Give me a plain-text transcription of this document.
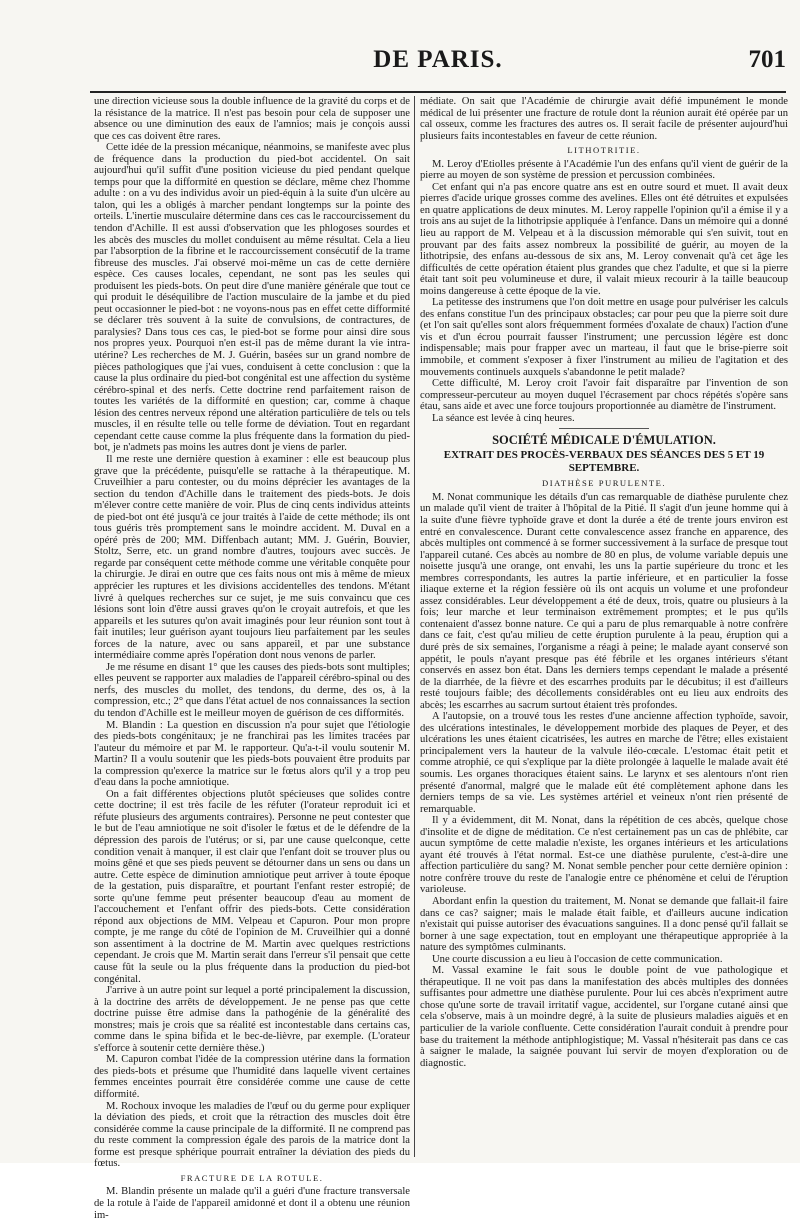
DE PARIS.	701

une direction vicieuse sous la double influence de la gravité du corps et de la résistance de la matrice. Il n'est pas besoin pour cela de supposer une absence ou une diminution des eaux de l'amnios; mais je conçois aussi que ces cas doivent être rares.

Cette idée de la pression mécanique, néanmoins, se manifeste avec plus de fréquence dans la production du pied-bot accidentel. On sait aujourd'hui qu'il suffit d'une position vicieuse du pied pendant quelque temps pour que la difformité en question se déclare, même chez l'homme adulte : on a vu des individus avoir un pied-équin à la suite d'un ulcère au talon, qui les a obligés à marcher pendant longtemps sur la pointe des orteils. L'inertie musculaire détermine dans ces cas le raccourcissement du tendon d'Achille. Il est aussi d'observation que les phlogoses sourdes et les abcès des muscles du mollet conduisent au même résultat. Cela a lieu par l'absorption de la fibrine et le raccourcissement consécutif de la trame fibreuse des muscles. J'ai observé moi-même un cas de cette dernière espèce. Ces causes locales, cependant, ne sont pas les seules qui produisent les pieds-bots. On peut dire d'une manière générale que tout ce qui produit le déséquilibre de l'action musculaire de la jambe et du pied peut occasionner le pied-bot : ne voyons-nous pas en effet cette difformité se déclarer très souvent à la suite de convulsions, de contractures, de paralysies? Dans tous ces cas, le pied-bot se forme pour ainsi dire sous nos propres yeux. Pourquoi n'en est-il pas de même durant la vie intra-utérine? Les recherches de M. J. Guérin, basées sur un grand nombre de pièces pathologiques que j'ai vues, conduisent à cette conclusion : que la cause la plus ordinaire du pied-bot congénital est une affection du système cérébro-spinal et des nerfs. Cette doctrine rend parfaitement raison de toutes les variétés de la difformité en question; car, comme à chaque lésion des centres nerveux répond une altération particulière de tels ou tels muscles, il en résulte telle ou telle forme de déviation. Tout en regardant cependant cette cause comme la plus fréquente dans la formation du pied-bot, je n'admets pas moins les autres dont je viens de parler.

Il me reste une dernière question à examiner : elle est beaucoup plus grave que la précédente, puisqu'elle se rattache à la thérapeutique. M. Cruveilhier a paru contester, ou du moins déprécier les avantages de la section du tendon d'Achille dans le traitement des pieds-bots. Je dois m'élever contre cette manière de voir. Plus de cinq cents individus atteints de pied-bot ont été jusqu'à ce jour traités à l'aide de cette méthode; ils ont tous guéris très promptement sans le moindre accident. M. Duval en a opéré près de 200; MM. Diffenbach autant; MM. J. Guérin, Bouvier, Stoltz, Serre, etc. un grand nombre d'autres, toujours avec succès. Je regarde par conséquent cette méthode comme une véritable conquête pour la chirurgie. Je dirai en outre que ces faits nous ont mis à même de mieux apprécier les ruptures et les divisions accidentelles des tendons. M'étant livré à quelques recherches sur ce sujet, je me suis convaincu que ces lésions sont loin d'être aussi graves qu'on le croyait autrefois, et que les appareils et les sutures qu'on avait imaginés pour leur réunion sont tout à fait inutiles; leur guérison ayant toujours lieu parfaitement par les seules forces de la nature, avec ou sans appareil, et par une substance intermédiaire comme après l'opération dont nous venons de parler.

Je me résume en disant 1° que les causes des pieds-bots sont multiples; elles peuvent se rapporter aux maladies de l'appareil cérébro-spinal ou des nerfs, des muscles du mollet, des tendons, du derme, des os, à la compression, etc.; 2° que dans l'état actuel de nos connaissances la section du tendon d'Achille est le meilleur moyen de guérison de ces difformités.

M. Blandin : La question en discussion n'a pour sujet que l'étiologie des pieds-bots congénitaux; je ne franchirai pas les limites tracées par l'auteur du mémoire et par M. le rapporteur. Qu'a-t-il voulu soutenir M. Martin? Il a voulu soutenir que les pieds-bots pouvaient être produits par la compression qu'exerce la matrice sur le fœtus alors qu'il y a trop peu d'eau dans la poche amniotique.

On a fait différentes objections plutôt spécieuses que solides contre cette doctrine; il est très facile de les réfuter (l'orateur reproduit ici et réfute plusieurs des arguments contraires). Personne ne peut contester que le but de l'eau amniotique ne soit d'isoler le fœtus et de le défendre de la dépression des parois de l'utérus; or si, par une cause quelconque, cette condition venait à manquer, il est clair que l'enfant doit se trouver plus ou moins gêné et que ses pieds peuvent se détourner dans un sens ou dans un autre. Cette espèce de diminution amniotique peut arriver à toute époque de la gestation, puis disparaître, et pourtant l'enfant rester estropié; de sorte qu'une femme peut présenter beaucoup d'eau au moment de l'accouchement et l'enfant offrir des pieds-bots. Cette considération répond aux objections de MM. Velpeau et Capuron. Pour mon propre compte, je me range du côté de l'opinion de M. Cruveilhier qui a donné son assentiment à la doctrine de M. Martin avec quelques restrictions cependant. Je crois que M. Martin serait dans l'erreur s'il pensait que cette cause fût la seule ou la plus fréquente dans la production du pied-bot congénital.

J'arrive à un autre point sur lequel a porté principalement la discussion, à la doctrine des arrêts de développement. Je ne pense pas que cette doctrine puisse être admise dans la pathogénie de la généralité des monstres; mais je crois que sa réalité est incontestable dans certains cas, comme dans le spina bifida et le bec-de-lièvre, par exemple. (L'orateur s'efforce à soutenir cette dernière thèse.)

M. Capuron combat l'idée de la compression utérine dans la formation des pieds-bots et présume que l'humidité dans laquelle vivent certaines femmes enceintes pourrait être considérée comme une cause de cette difformité.

M. Rochoux invoque les maladies de l'œuf ou du germe pour expliquer la déviation des pieds, et croit que la rétraction des muscles doit être considérée comme la cause principale de la difformité. Il ne comprend pas du reste comment la compression égale des parois de la matrice dont la forme est presque sphérique pourrait entraîner la déviation des pieds du fœtus.

FRACTURE DE LA ROTULE.

M. Blandin présente un malade qu'il a guéri d'une fracture transversale de la rotule à l'aide de l'appareil amidonné et dont il a obtenu une réunion im-

médiate. On sait que l'Académie de chirurgie avait défié impunément le monde médical de lui présenter une fracture de rotule dont la réunion aurait été opérée par un cal osseux, comme les fractures des autres os. Il serait facile de présenter aujourd'hui plusieurs faits incontestables en faveur de cette réunion.

LITHOTRITIE.

M. Leroy d'Etiolles présente à l'Académie l'un des enfans qu'il vient de guérir de la pierre au moyen de son système de pression et percussion combinées.

Cet enfant qui n'a pas encore quatre ans est en outre sourd et muet. Il avait deux pierres d'acide urique grosses comme des avelines. Elles ont été détruites et expulsées en quatre applications de deux minutes. M. Leroy rappelle l'opinion qu'il a émise il y a trois ans au sujet de la lithotripsie appliquée à l'enfance. Dans un mémoire qui a donné lieu au rapport de M. Velpeau et à la discussion mémorable qui s'en suivit, tout en prouvant par des faits assez nombreux la possibilité de guérir, au moyen de la lithotripsie, des enfans au-dessous de six ans, M. Leroy convenait qu'à cet âge les difficultés de cette opération étaient plus grandes que chez l'adulte, et que si la pierre était tant soit peu volumineuse et dure, il valait mieux recourir à la taille beaucoup moins dangereuse à cette époque de la vie.

La petitesse des instrumens que l'on doit mettre en usage pour pulvériser les calculs des enfans constitue l'un des principaux obstacles; car pour peu que la pierre soit dure (et l'on sait qu'elles sont alors fréquemment formées d'oxalate de chaux) l'action d'une vis et d'un écrou pourrait fausser l'instrument; une percussion légère est donc indispensable; mais pour frapper avec un marteau, il faut que le brise-pierre soit immobile, et comment s'exposer à fixer l'instrument au milieu de l'agitation et des mouvements continuels auxquels s'abandonne le petit malade?

Cette difficulté, M. Leroy croit l'avoir fait disparaître par l'invention de son compresseur-percuteur au moyen duquel l'écrasement par chocs répétés s'opère sans étau, sans aide et avec une force toujours proportionnée au diamètre de l'instrument.

La séance est levée à cinq heures.

SOCIÉTÉ MÉDICALE D'ÉMULATION.
EXTRAIT DES PROCÈS-VERBAUX DES SÉANCES DES 5 ET 19 SEPTEMBRE.
DIATHÈSE PURULENTE.

M. Nonat communique les détails d'un cas remarquable de diathèse purulente chez un malade qu'il vient de traiter à l'hôpital de la Pitié. Il s'agit d'un jeune homme qui à la suite d'une fièvre typhoïde grave et dont la durée a été de trente jours environ est entré en convalescence. Durant cette convalescence assez franche en apparence, des abcès multiples ont commencé à se former successivement à la surface de presque tout l'appareil cutané. Ces abcès au nombre de 80 en plus, de volume variable depuis une noisette jusqu'à une orange, ont envahi, les uns la partie supérieure du tronc et les membres correspondants, les autres la partie inférieure, et en particulier la fosse iliaque externe et la région fessière où ils ont acquis un volume et une profondeur assez considérables. Leur développement a été de deux, trois, quatre ou plusieurs à la fois; leur marche et leur terminaison extrêmement promptes; et le pus qu'ils contenaient d'assez bonne nature. Ce qui a paru de plus remarquable à notre confrère dans ce fait, c'est qu'au milieu de cette éruption purulente à la peau, éruption qui a duré près de six semaines, l'organisme a réagi à peine; le malade ayant conservé son appétit, le pouls n'ayant presque pas été fébrile et les organes intérieurs s'étant conservés en assez bon état. Dans les derniers temps cependant le malade a présenté de la diarrhée, de la fièvre et des escarrhes produits par le décubitus; il est d'ailleurs resté toujours faible; des décollements considérables ont eu lieu aux endroits des abcès; les escarrhes au sacrum surtout étaient très profondes.

A l'autopsie, on a trouvé tous les restes d'une ancienne affection typhoïde, savoir, des ulcérations intestinales, le développement morbide des plaques de Peyer, et des ulcérations les unes étaient cicatrisées, les autres en marche de l'être; elles existaient principalement vers la hauteur de la valvule iléo-cœcale. L'estomac était petit et comme atrophié, ce qui s'explique par la diète prolongée à laquelle le malade avait été soumis. Les organes thoraciques étaient sains. Le larynx et ses alentours n'ont rien présenté d'anormal, malgré que le malade eût été complètement aphone dans les derniers temps de sa vie. Les systèmes artériel et veineux n'ont rien présenté de remarquable.

Il y a évidemment, dit M. Nonat, dans la répétition de ces abcès, quelque chose d'insolite et de digne de méditation. Ce n'est certainement pas un cas de phlébite, car aucun symptôme de cette maladie n'existe, les organes intérieurs et les articulations ayant été trouvés à l'état normal. Est-ce une diathèse purulente, c'est-à-dire une affection particulière du sang? M. Nonat semble pencher pour cette dernière opinion : notre confrère trouve du reste de l'analogie entre ce phénomène et celui de l'éruption varioleuse.

Abordant enfin la question du traitement, M. Nonat se demande que fallait-il faire dans ce cas? saigner; mais le malade était faible, et d'ailleurs aucune indication n'existait qui puisse autoriser des évacuations sanguines. Il a donc pensé qu'il fallait se borner à une sage expectation, tout en employant une thérapeutique appropriée à la nature des symptômes culminants.

Une courte discussion a eu lieu à l'occasion de cette communication.

M. Vassal examine le fait sous le double point de vue pathologique et thérapeutique. Il ne voit pas dans la manifestation des abcès multiples des données suffisantes pour admettre une diathèse purulente. Pour lui ces abcès n'expriment autre chose qu'une sorte de travail irritatif vague, accidentel, sur l'organe cutané ainsi que cela s'observe, mais à un moindre degré, à la suite de plusieurs maladies aiguës et en particulier de la variole confluente. Cette considération l'aurait conduit à prendre pour base du traitement la méthode antiphlogistique; M. Vassal n'hésiterait pas dans ce cas à saigner le malade, la saignée pouvant lui servir de moyen d'exploration ou de diagnostic.
